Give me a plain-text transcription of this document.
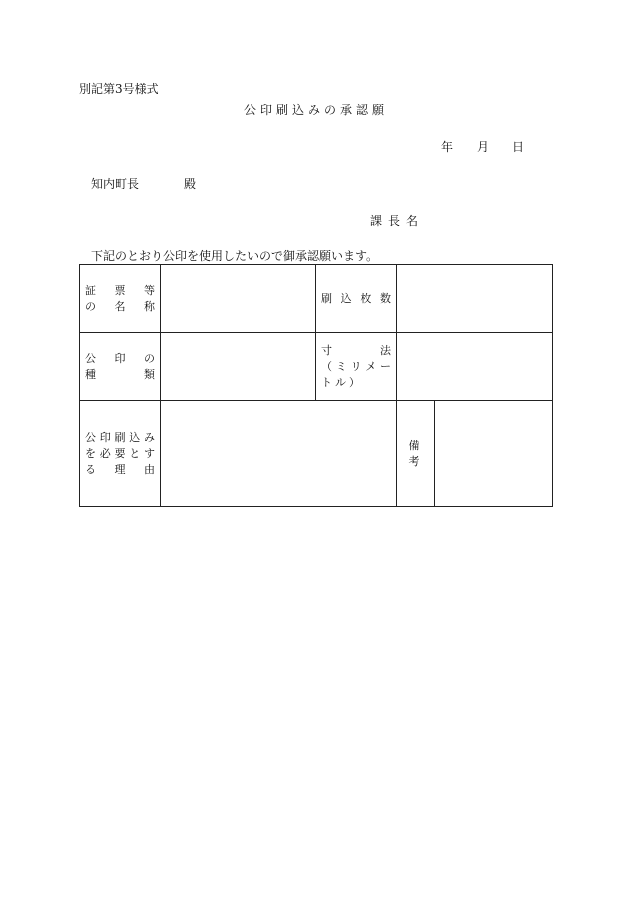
別記第3号様式
公印刷込みの承認願
年 月 日
知内町長	殿
課長名
下記のとおり公印を使用したいので御承認願います。
証票等
の名称		刷込枚数		

公印の
種類		寸法
（ミリメー
トル）		

公印刷込み
を必要とす
る理由			備考	
